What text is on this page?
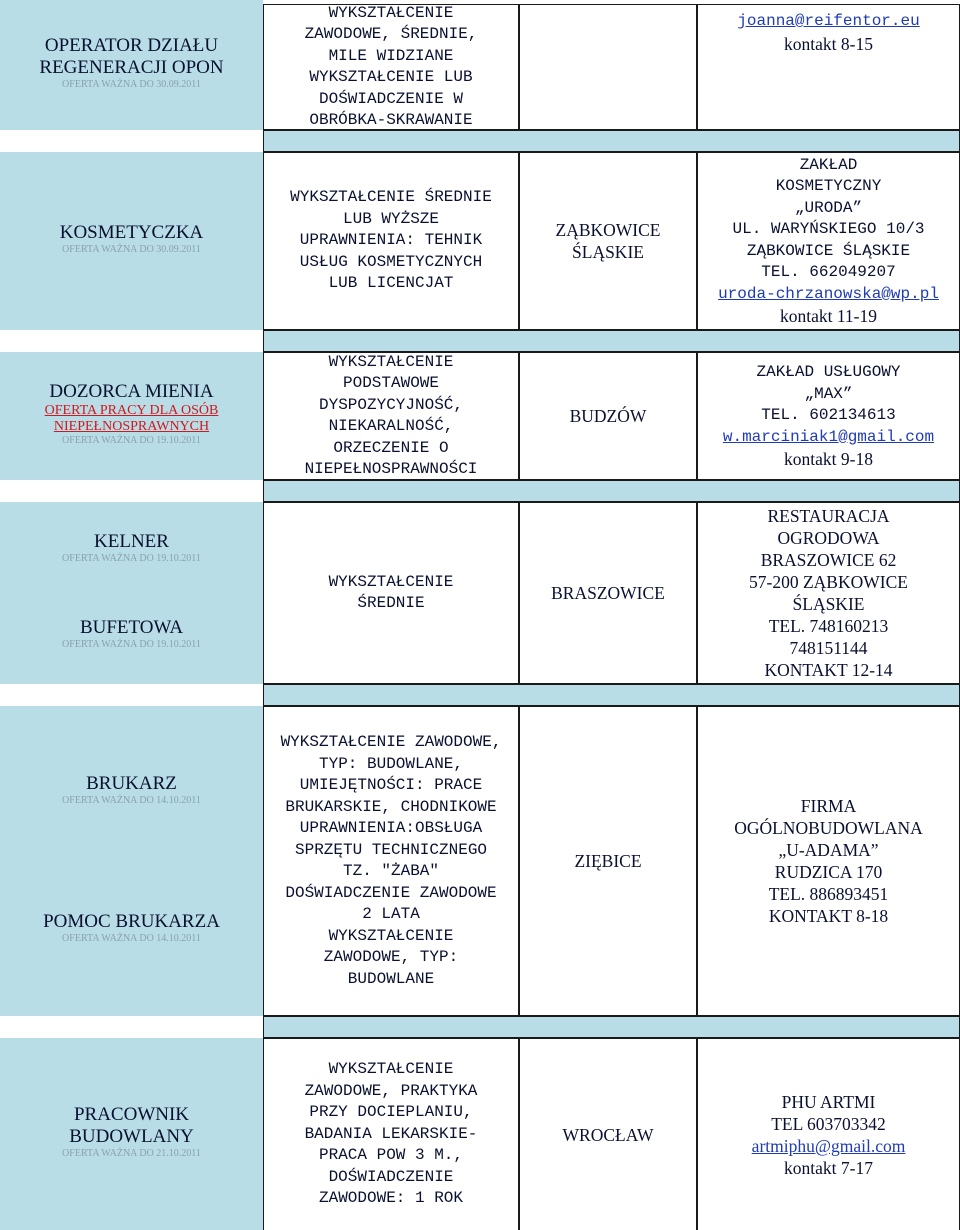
OPERATOR DZIAŁU REGENERACJI OPON
OFERTA WAŻNA DO 30.09.2011
WYKSZTAŁCENIE ZAWODOWE, ŚREDNIE, MILE WIDZIANE WYKSZTAŁCENIE LUB DOŚWIADCZENIE W OBRÓBKA-SKRAWANIE
joanna@reifentor.eu
kontakt 8-15
KOSMETYCZKA
OFERTA WAŻNA DO 30.09.2011
WYKSZTAŁCENIE ŚREDNIE LUB WYŻSZE UPRAWNIENIA: TEHNIK USŁUG KOSMETYCZNYCH LUB LICENCJAT
ZĄBKOWICE ŚLĄSKIE
ZAKŁAD KOSMETYCZNY
„URODA”
UL. WARYŃSKIEGO 10/3
ZĄBKOWICE ŚLĄSKIE
TEL. 662049207
uroda-chrzanowska@wp.pl
kontakt 11-19
DOZORCA MIENIA
OFERTA PRACY DLA OSÓB NIEPEŁNOSPRAWNYCH
OFERTA WAŻNA DO 19.10.2011
WYKSZTAŁCENIE PODSTAWOWE DYSPOZYCYJNOŚĆ, NIEKARALNOŚĆ, ORZECZENIE O NIEPEŁNOSPRAWNOŚCI
BUDZÓW
ZAKŁAD USŁUGOWY
„MAX”
TEL. 602134613
w.marciniak1@gmail.com
kontakt 9-18
KELNER
OFERTA WAŻNA DO 19.10.2011
BUFETOWA
OFERTA WAŻNA DO 19.10.2011
WYKSZTAŁCENIE ŚREDNIE	BRASZOWICE
RESTAURACJA OGRODOWA
BRASZOWICE 62
57-200 ZĄBKOWICE ŚLĄSKIE
TEL. 748160213
748151144
KONTAKT 12-14
BRUKARZ
OFERTA WAŻNA DO 14.10.2011
POMOC BRUKARZA
OFERTA WAŻNA DO 14.10.2011
WYKSZTAŁCENIE ZAWODOWE, TYP: BUDOWLANE, UMIEJĘTNOŚCI: PRACE BRUKARSKIE, CHODNIKOWE UPRAWNIENIA:OBSŁUGA SPRZĘTU TECHNICZNEGO TZ. "ŻABA" DOŚWIADCZENIE ZAWODOWE 2 LATA
WYKSZTAŁCENIE ZAWODOWE, TYP: BUDOWLANE
ZIĘBICE
FIRMA OGÓLNOBUDOWLANA
„U-ADAMA”
RUDZICA 170
TEL. 886893451
KONTAKT 8-18
PRACOWNIK BUDOWLANY
OFERTA WAŻNA DO 21.10.2011
WYKSZTAŁCENIE ZAWODOWE, PRAKTYKA PRZY DOCIEPLANIU, BADANIA LEKARSKIE- PRACA POW 3 M., DOŚWIADCZENIE ZAWODOWE: 1 ROK
WROCŁAW
PHU ARTMI
TEL 603703342
artmiphu@gmail.com
kontakt 7-17
